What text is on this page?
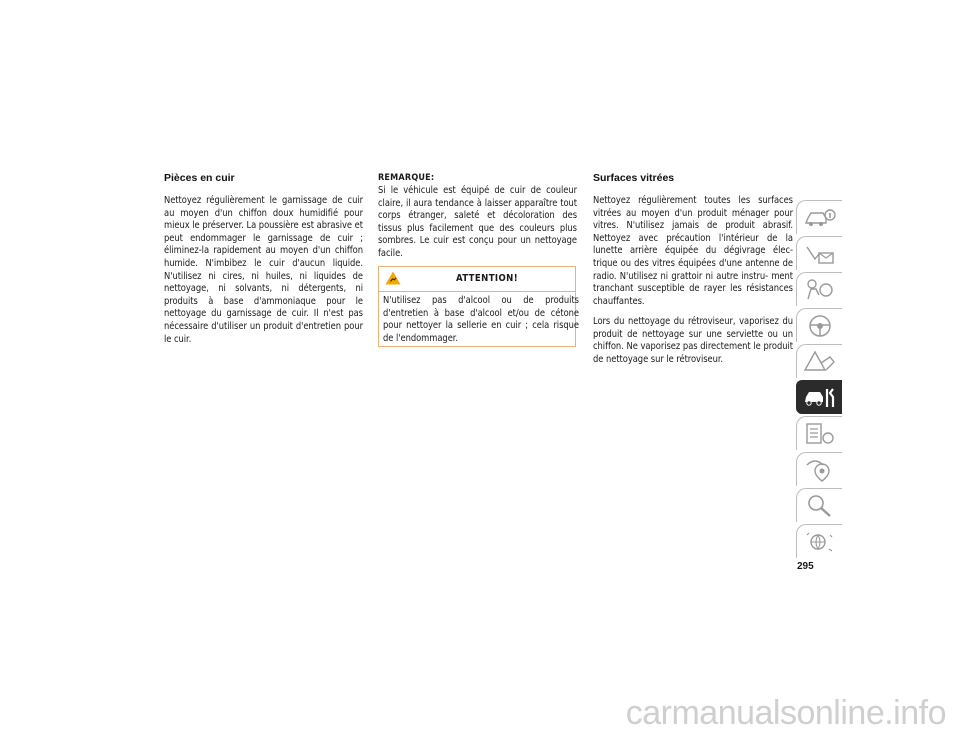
Pièces en cuir

Nettoyez régulièrement le garnissage de cuir au moyen d'un chiffon doux humidifié pour mieux le préserver. La poussière est abrasive et peut endommager le garnissage de cuir ; éliminez-la rapidement au moyen d'un chiffon humide. N'imbibez le cuir d'aucun liquide. N'utilisez ni cires, ni huiles, ni liquides de nettoyage, ni solvants, ni détergents, ni produits à base d'ammoniaque pour le nettoyage du garnissage de cuir. Il n'est pas nécessaire d'utiliser un produit d'entretien pour le cuir.

REMARQUE:

Si le véhicule est équipé de cuir de couleur claire, il aura tendance à laisser apparaître tout corps étranger, saleté et décoloration des tissus plus facilement que des couleurs plus sombres. Le cuir est conçu pour un nettoyage facile.

ATTENTION!

N'utilisez pas d'alcool ou de produits d'entretien à base d'alcool et/ou de cétone pour nettoyer la sellerie en cuir ; cela risque de l'endommager.

Surfaces vitrées

Nettoyez régulièrement toutes les surfaces vitrées au moyen d'un produit ménager pour vitres. N'utilisez jamais de produit abrasif. Nettoyez avec précaution l'intérieur de la lunette arrière équipée du dégivrage élec- trique ou des vitres équipées d'une antenne de radio. N'utilisez ni grattoir ni autre instru- ment tranchant susceptible de rayer les résistances chauffantes.

Lors du nettoyage du rétroviseur, vaporisez du produit de nettoyage sur une serviette ou un chiffon. Ne vaporisez pas directement le produit de nettoyage sur le rétroviseur.

295
carmanualsonline.info
